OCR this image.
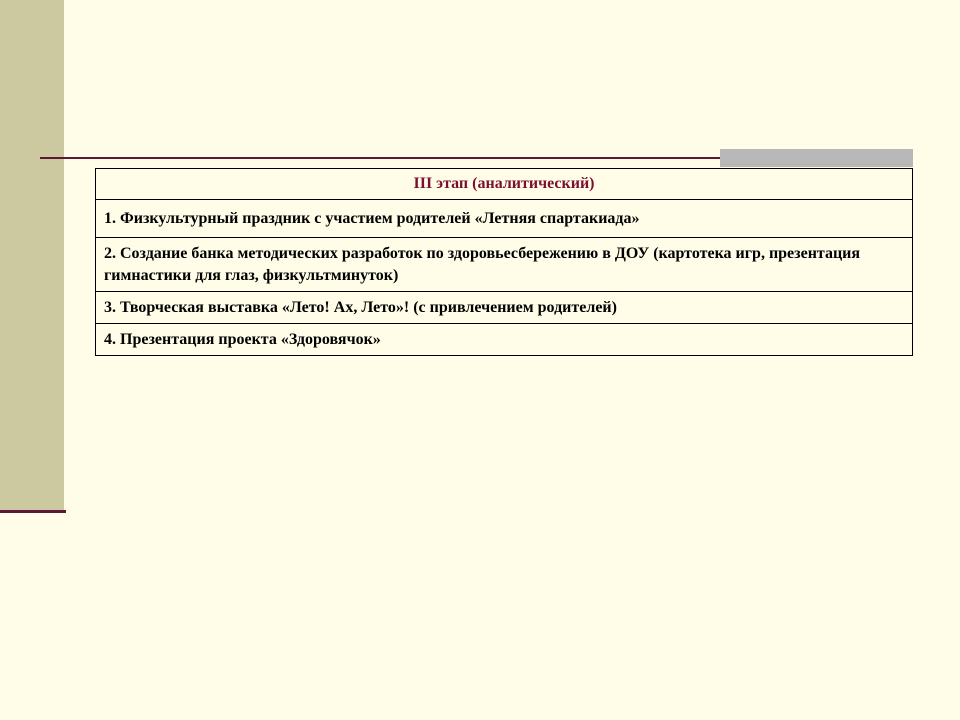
III этап (аналитический)
1. Физкультурный праздник с участием родителей «Летняя спартакиада»
2. Создание банка методических разработок по здоровьесбережению в ДОУ (картотека игр, презентация гимнастики для глаз, физкультминуток)
3. Творческая выставка «Лето! Ах, Лето»! (с привлечением родителей)
4. Презентация проекта «Здоровячок»
